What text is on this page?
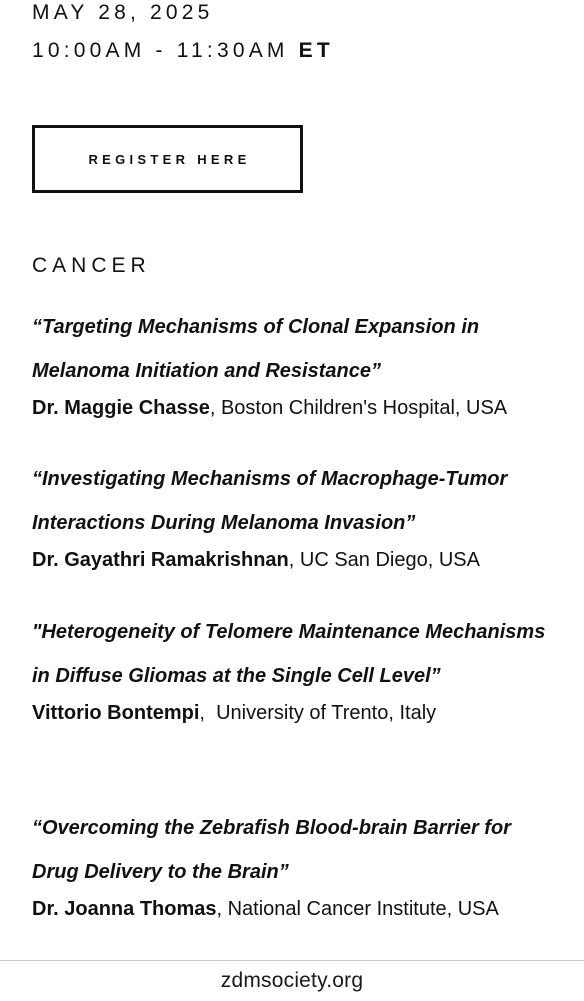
MAY 28, 2025

10:00AM - 11:30AM ET

REGISTER HERE
CANCER

“Targeting Mechanisms of Clonal Expansion in Melanoma Initiation and Resistance”

Dr. Maggie Chasse, Boston Children's Hospital, USA

“Investigating Mechanisms of Macrophage-Tumor Interactions During Melanoma Invasion”

Dr. Gayathri Ramakrishnan, UC San Diego, USA

"Heterogeneity of Telomere Maintenance Mechanisms in Diffuse Gliomas at the Single Cell Level”

Vittorio Bontempi,  University of Trento, Italy

“Overcoming the Zebrafish Blood-brain Barrier for Drug Delivery to the Brain”

Dr. Joanna Thomas, National Cancer Institute, USA

zdmsociety.org
